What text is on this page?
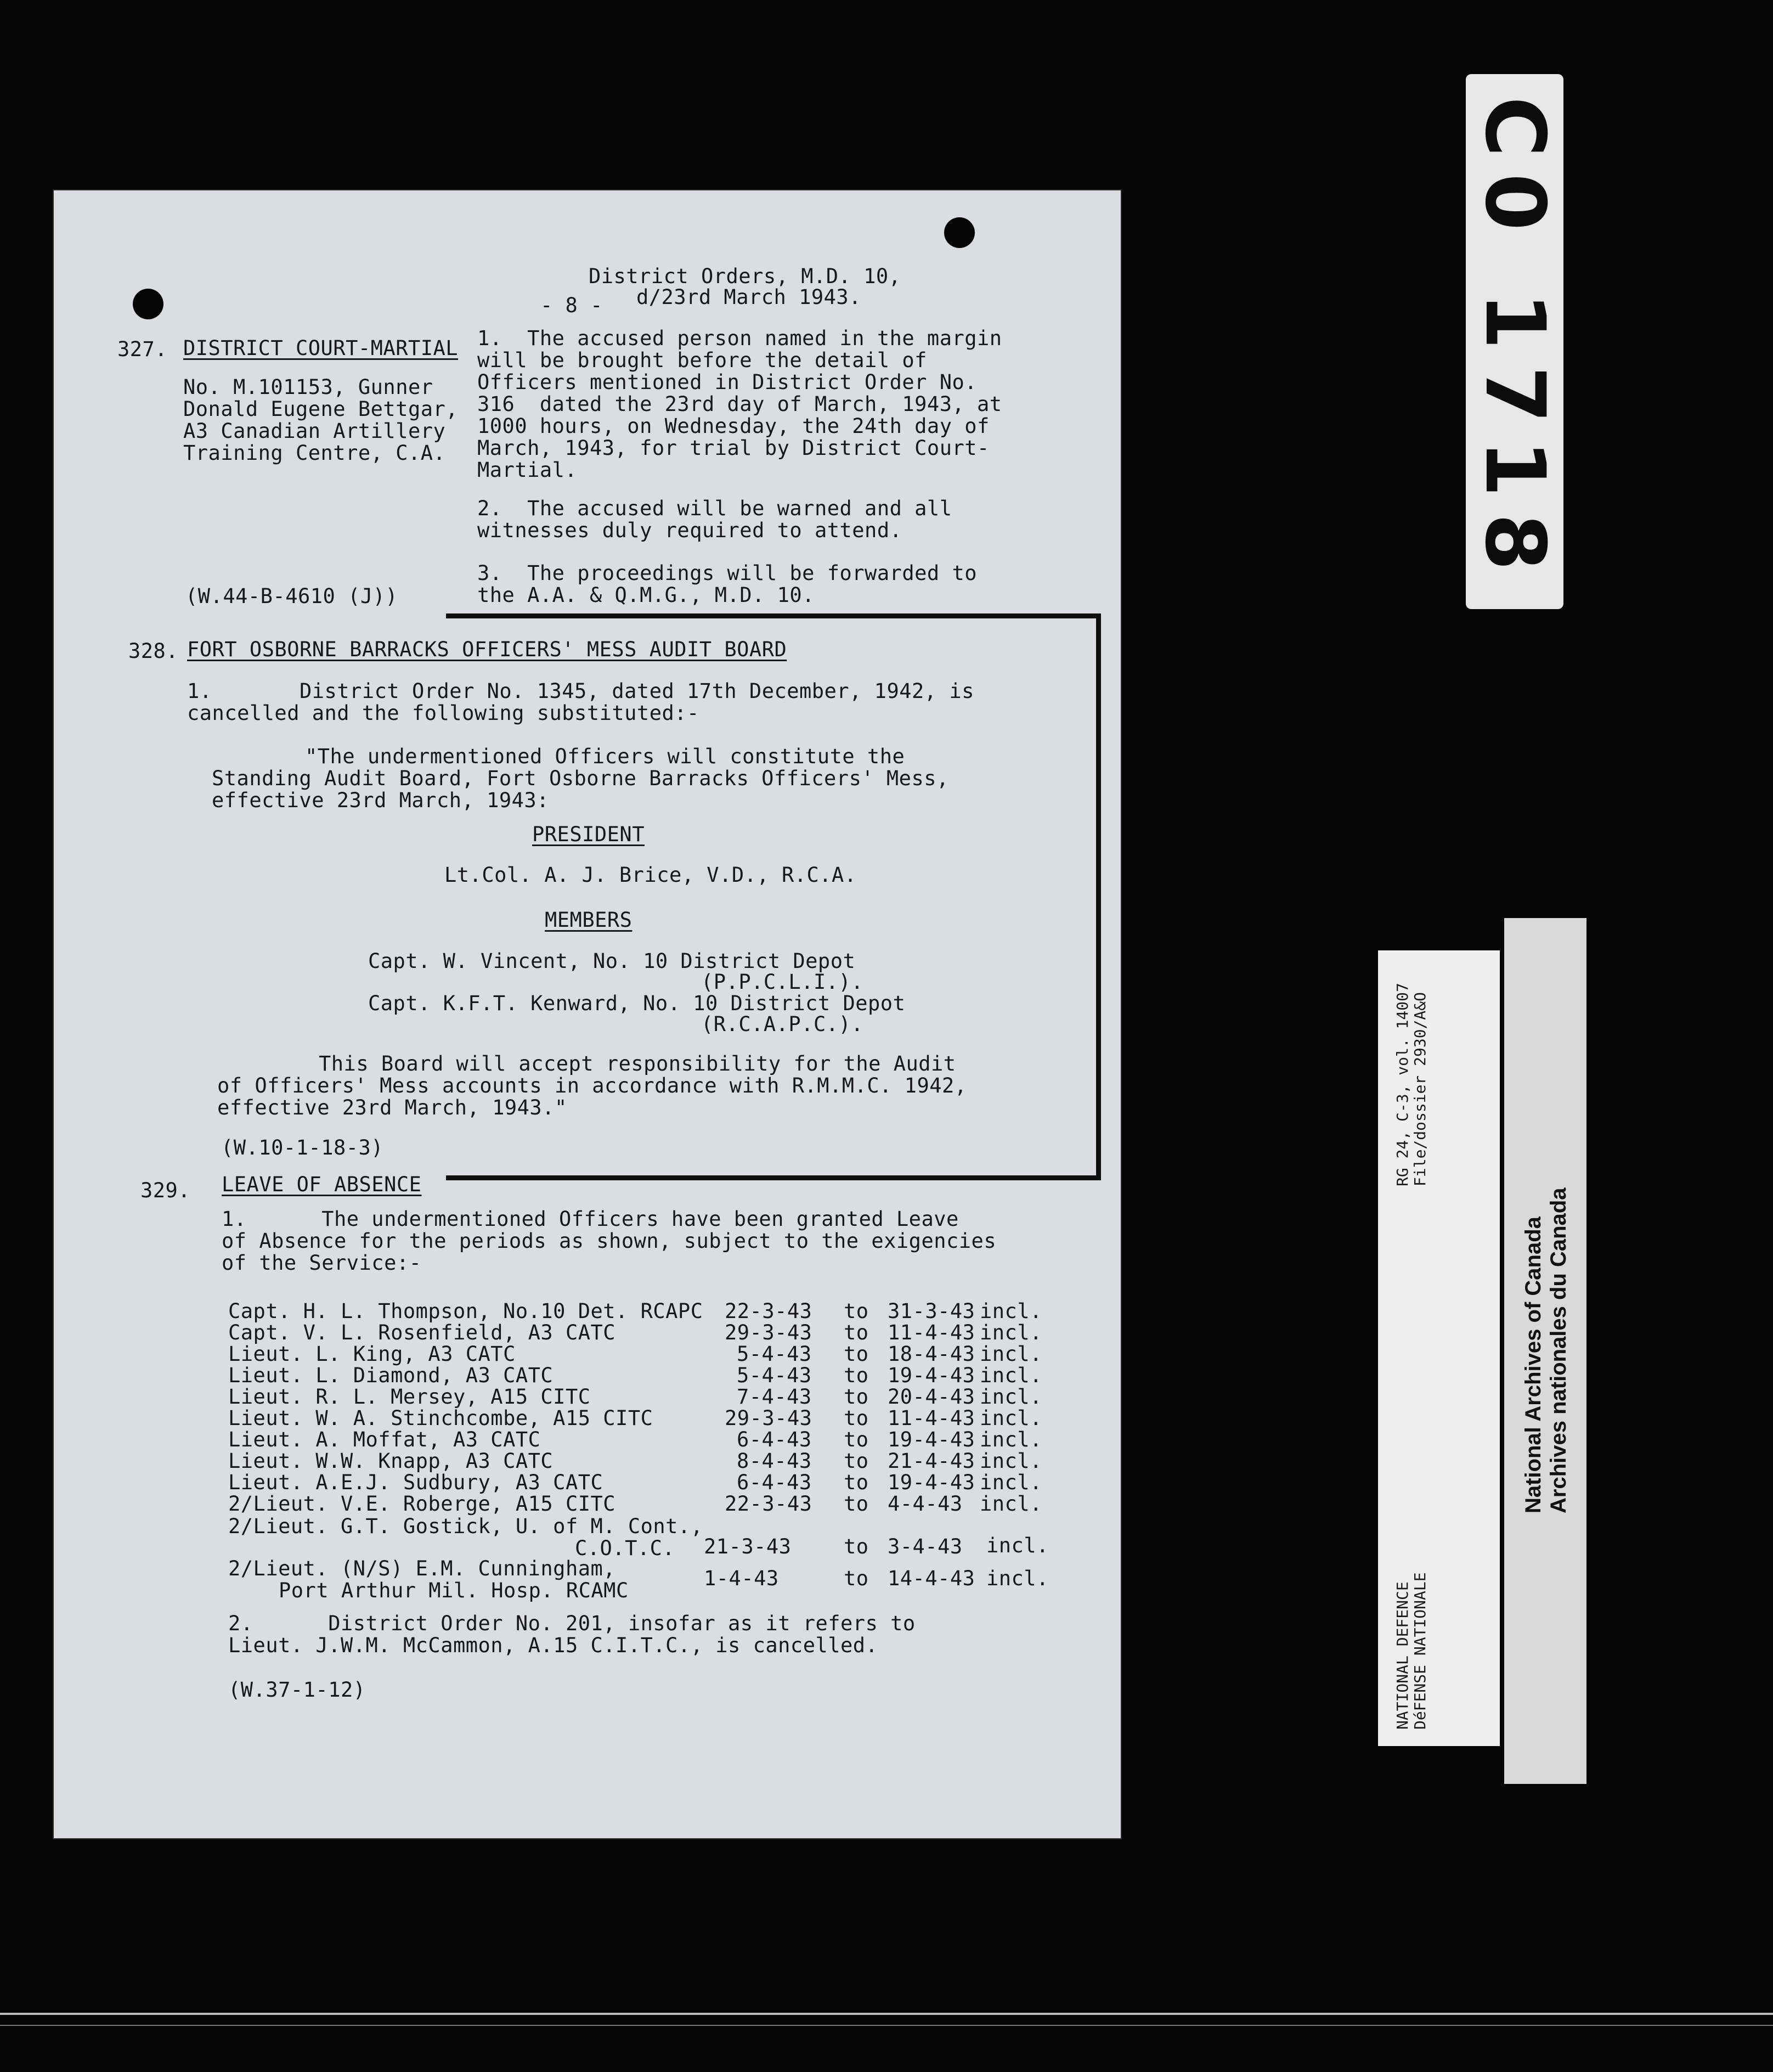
District Orders, M.D. 10,
- 8 - d/23rd March 1943.
327. DISTRICT COURT-MARTIAL
No. M.101153, Gunner
Donald Eugene Bettgar,
A3 Canadian Artillery
Training Centre, C.A.
1.  The accused person named in the margin
will be brought before the detail of
Officers mentioned in District Order No.
316  dated the 23rd day of March, 1943, at
1000 hours, on Wednesday, the 24th day of
March, 1943, for trial by District Court-
Martial.
2.  The accused will be warned and all
witnesses duly required to attend.
3.  The proceedings will be forwarded to
the A.A. & Q.M.G., M.D. 10.
(W.44-B-4610 (J))
328. FORT OSBORNE BARRACKS OFFICERS' MESS AUDIT BOARD
1.       District Order No. 1345, dated 17th December, 1942, is
cancelled and the following substituted:-
"The undermentioned Officers will constitute the
Standing Audit Board, Fort Osborne Barracks Officers' Mess,
effective 23rd March, 1943:
PRESIDENT
Lt.Col. A. J. Brice, V.D., R.C.A.
MEMBERS
Capt. W. Vincent, No. 10 District Depot
(P.P.C.L.I.).
Capt. K.F.T. Kenward, No. 10 District Depot
(R.C.A.P.C.).
This Board will accept responsibility for the Audit
of Officers' Mess accounts in accordance with R.M.M.C. 1942,
effective 23rd March, 1943."
(W.10-1-18-3)
329. LEAVE OF ABSENCE
1.      The undermentioned Officers have been granted Leave
of Absence for the periods as shown, subject to the exigencies
of the Service:-
Capt. H. L. Thompson, No.10 Det. RCAPC 22-3-43 to 31-3-43 incl.
Capt. V. L. Rosenfield, A3 CATC	29-3-43 to 11-4-43 incl.
Lieut. L. King, A3 CATC	5-4-43 to 18-4-43 incl.
Lieut. L. Diamond, A3 CATC	5-4-43 to 19-4-43 incl.
Lieut. R. L. Mersey, A15 CITC	7-4-43 to 20-4-43 incl.
Lieut. W. A. Stinchcombe, A15 CITC	29-3-43 to 11-4-43 incl.
Lieut. A. Moffat, A3 CATC	6-4-43 to 19-4-43 incl.
Lieut. W.W. Knapp, A3 CATC	8-4-43 to 21-4-43 incl.
Lieut. A.E.J. Sudbury, A3 CATC	6-4-43 to 19-4-43 incl.
2/Lieut. V.E. Roberge, A15 CITC	22-3-43 to 4-4-43 incl.
2/Lieut. G.T. Gostick, U. of M. Cont.,
C.O.T.C. 21-3-43	to 3-4-43 incl.
2/Lieut. (N/S) E.M. Cunningham,
Port Arthur Mil. Hosp. RCAMC
1-4-43	to 14-4-43 incl.
2.      District Order No. 201, insofar as it refers to
Lieut. J.W.M. McCammon, A.15 C.I.T.C., is cancelled.
(W.37-1-12)
C0 1718
RG 24, C-3, vol. 14007 File/dossier 2930/A&O
NATIONAL DEFENCE DéFENSE NATIONALE
National Archives of Canada Archives nationales du Canada
